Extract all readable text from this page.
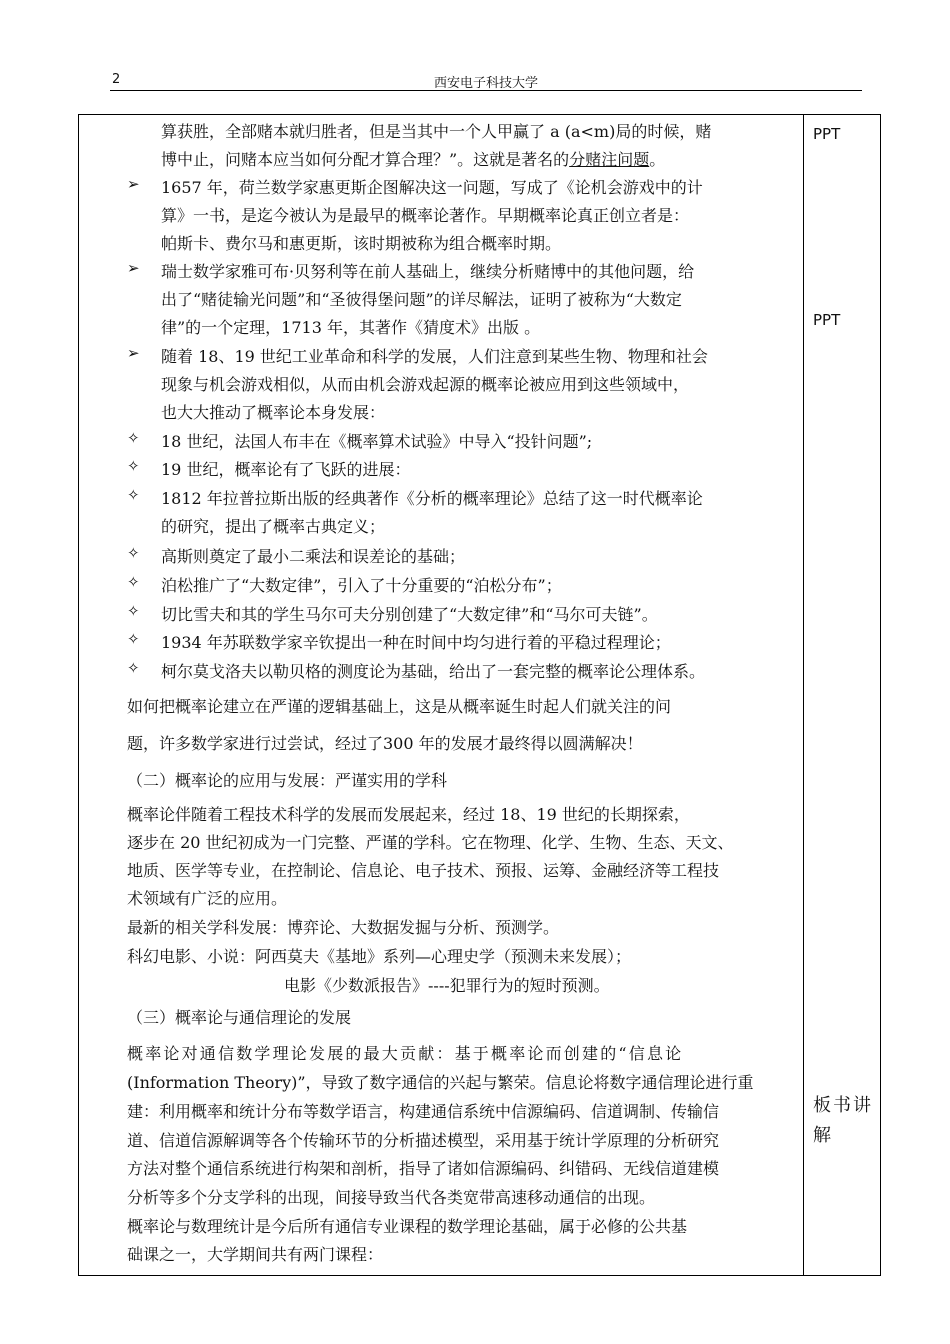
2	西安电子科技大学
算获胜，全部赌本就归胜者，但是当其中一个人甲赢了 a (a<m)局的时候，赌
博中止，问赌本应当如何分配才算合理？”。这就是著名的分赌注问题。
➢ 1657 年，荷兰数学家惠更斯企图解决这一问题，写成了《论机会游戏中的计
算》一书，是迄今被认为是最早的概率论著作。早期概率论真正创立者是：
帕斯卡、费尔马和惠更斯，该时期被称为组合概率时期。
➢ 瑞士数学家雅可布·贝努利等在前人基础上，继续分析赌博中的其他问题，给
出了“赌徒输光问题”和“圣彼得堡问题”的详尽解法，证明了被称为“大数定
律”的一个定理，1713 年，其著作《猜度术》出版 。
➢ 随着 18、19 世纪工业革命和科学的发展，人们注意到某些生物、物理和社会
现象与机会游戏相似，从而由机会游戏起源的概率论被应用到这些领域中，
也大大推动了概率论本身发展：
✧ 18 世纪，法国人布丰在《概率算术试验》中导入“投针问题”;
✧ 19 世纪，概率论有了飞跃的进展：
✧ 1812 年拉普拉斯出版的经典著作《分析的概率理论》总结了这一时代概率论
的研究，提出了概率古典定义；
✧ 高斯则奠定了最小二乘法和误差论的基础；
✧ 泊松推广了“大数定律”，引入了十分重要的“泊松分布”；
✧ 切比雪夫和其的学生马尔可夫分别创建了“大数定律”和“马尔可夫链”。
✧ 1934 年苏联数学家辛钦提出一种在时间中均匀进行着的平稳过程理论；
✧ 柯尔莫戈洛夫以勒贝格的测度论为基础，给出了一套完整的概率论公理体系。
如何把概率论建立在严谨的逻辑基础上，这是从概率诞生时起人们就关注的问
题，许多数学家进行过尝试，经过了300 年的发展才最终得以圆满解决！
（二）概率论的应用与发展：严谨实用的学科
概率论伴随着工程技术科学的发展而发展起来，经过 18、19 世纪的长期探索，
逐步在 20 世纪初成为一门完整、严谨的学科。它在物理、化学、生物、生态、天文、
地质、医学等专业，在控制论、信息论、电子技术、预报、运筹、金融经济等工程技
术领域有广泛的应用。
最新的相关学科发展：博弈论、大数据发掘与分析、预测学。
科幻电影、小说：阿西莫夫《基地》系列—心理史学（预测未来发展）；
电影《少数派报告》----犯罪行为的短时预测。
（三）概率论与通信理论的发展
概率论对通信数学理论发展的最大贡献：基于概率论而创建的“信息论
(Information Theory)”，导致了数字通信的兴起与繁荣。信息论将数字通信理论进行重
建：利用概率和统计分布等数学语言，构建通信系统中信源编码、信道调制、传输信
道、信道信源解调等各个传输环节的分析描述模型，采用基于统计学原理的分析研究
方法对整个通信系统进行构架和剖析，指导了诸如信源编码、纠错码、无线信道建模
分析等多个分支学科的出现，间接导致当代各类宽带高速移动通信的出现。
概率论与数理统计是今后所有通信专业课程的数学理论基础，属于必修的公共基
础课之一，大学期间共有两门课程：
PPT
PPT
板书讲
解
